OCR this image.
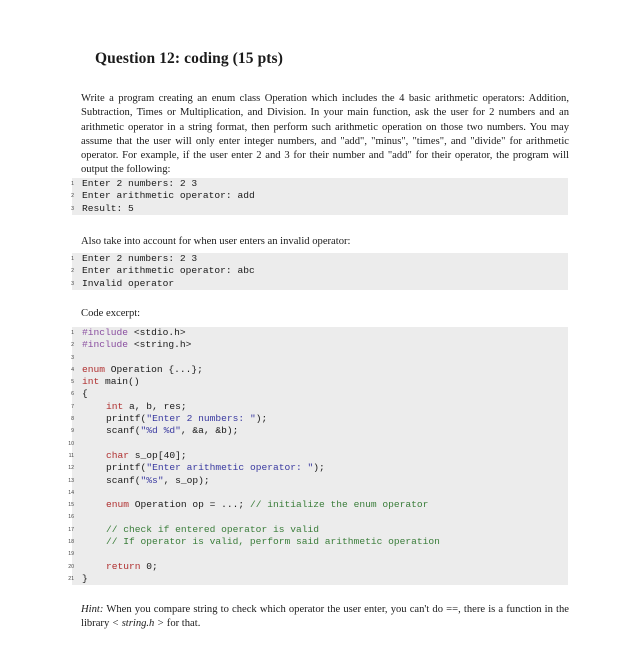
Question 12: coding (15 pts)

Write a program creating an enum class Operation which includes the 4 basic arithmetic operators: Addition, Subtraction, Times or Multiplication, and Division. In your main function, ask the user for 2 numbers and an arithmetic operator in a string format, then perform such arithmetic operation on those two numbers. You may assume that the user will only enter integer numbers, and "add", "minus", "times", and "divide" for arithmetic operator. For example, if the user enter 2 and 3 for their number and "add" for their operator, the program will output the following:

1 Enter 2 numbers: 2 3
2 Enter arithmetic operator: add
3 Result: 5
Also take into account for when user enters an invalid operator:
1 Enter 2 numbers: 2 3
2 Enter arithmetic operator: abc
3 Invalid operator
Code excerpt:
1 #include <stdio.h>
2 #include <string.h>
3
4 enum Operation {...};
5 int main()
6 {
7	int a, b, res;
8	printf("Enter 2 numbers: ");
9	scanf("%d %d", &a, &b);
10
11	char s_op[40];
12	printf("Enter arithmetic operator: ");
13	scanf("%s", s_op);
14
15	enum Operation op = ...; // initialize the enum operator
16
17	// check if entered operator is valid
18	// If operator is valid, perform said arithmetic operation
19
20	return 0;
21 }

Hint: When you compare string to check which operator the user enter, you can't do ==, there is a function in the library < string.h > for that.
